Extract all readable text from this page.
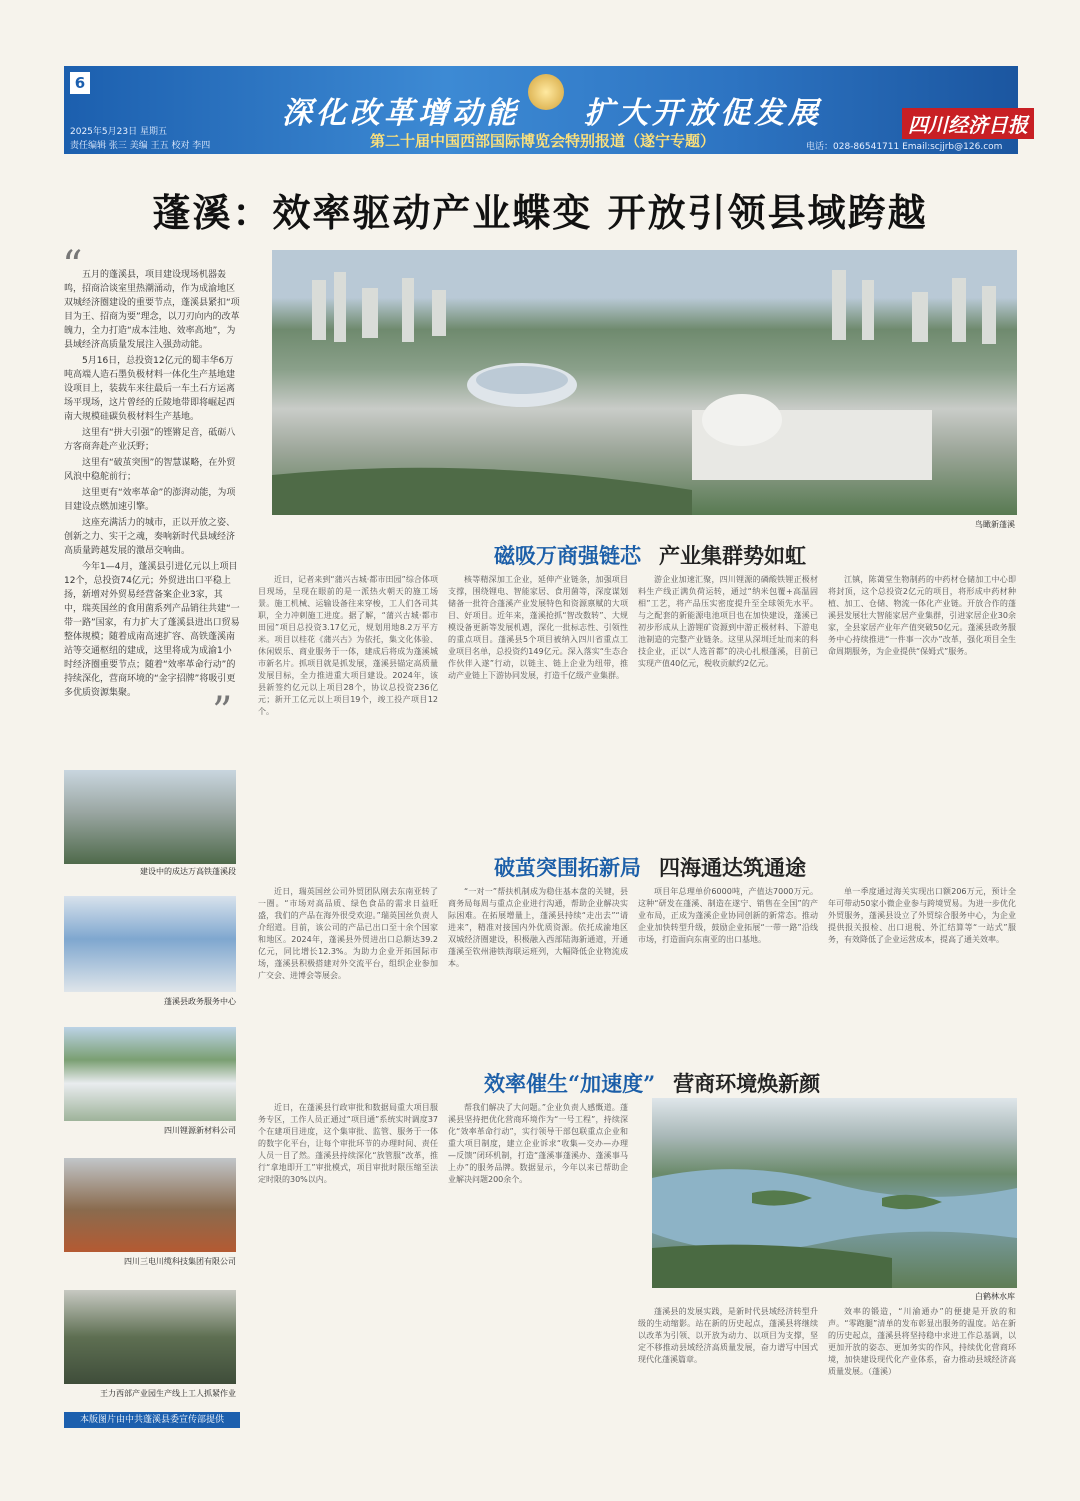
6
深化改革增动能 扩大开放促发展
第二十届中国西部国际博览会特别报道（遂宁专题）
四川经济日报
2025年5月23日 星期五
责任编辑 张三 美编 王五 校对 李四	电话：028-86541711 Email:scjjrb@126.com
蓬溪：效率驱动产业蝶变 开放引领县域跨越
“ 五月的蓬溪县，项目建设现场机器轰鸣，招商洽谈室里热潮涌动，作为成渝地区双城经济圈建设的重要节点，蓬溪县紧扣“项目为王、招商为要”理念，以刀刃向内的改革魄力，全力打造“成本洼地、效率高地”，为县域经济高质量发展注入强劲动能。

5月16日，总投资12亿元的蜀丰华6万吨高端人造石墨负极材料一体化生产基地建设项目上，装载车来往最后一车土石方运离场平现场，这片曾经的丘陵地带即将崛起西南大规模硅碳负极材料生产基地。

这里有“拼大引强”的铿锵足音，砥砺八方客商奔赴产业沃野；

这里有“破茧突围”的智慧谋略，在外贸风浪中稳舵前行；

这里更有“效率革命”的澎湃动能，为项目建设点燃加速引擎。

这座充满活力的城市，正以开放之姿、创新之力、实干之魂，奏响新时代县域经济高质量跨越发展的激昂交响曲。

今年1—4月，蓬溪县引进亿元以上项目12个，总投资74亿元；外贸进出口平稳上扬，新增对外贸易经营备案企业3家，其中，瑞英国丝的食用菌系列产品销往共建“一带一路”国家，有力扩大了蓬溪县进出口贸易整体规模；随着成南高速扩容、高铁蓬溪南站等交通枢纽的建成，这里将成为成渝1小时经济圈重要节点；随着“效率革命行动”的持续深化，营商环境的“金字招牌”将吸引更多优质资源集聚。	”
鸟瞰新蓬溪
建设中的成达万高铁蓬溪段
蓬溪县政务服务中心
四川锂源新材料公司
四川三电川缆科技集团有限公司
王力西部产业园生产线上工人抓紧作业
本版图片由中共蓬溪县委宣传部提供
磁吸万商强链芯 产业集群势如虹

近日，记者来到“蒲兴古城·都市田园”综合体项目现场，呈现在眼前的是一派热火朝天的施工场景。施工机械、运输设备往来穿梭，工人们各司其职，全力冲刺施工进度。据了解，“蒲兴古城·都市田园”项目总投资3.17亿元，规划用地8.2万平方米。项目以桂花《蒲兴古》为依托，集文化体验、休闲娱乐、商业服务于一体，建成后将成为蓬溪城市新名片。抓项目就是抓发展，蓬溪县锚定高质量发展目标，全力推进重大项目建设。2024年，该县新签约亿元以上项目28个，协议总投资236亿元；新开工亿元以上项目19个，竣工投产项目12个。

核等精深加工企业，延伸产业链条，加强项目支撑，围绕锂电、智能家居、食用菌等，深度谋划储备一批符合蓬溪产业发展特色和资源禀赋的大项目、好项目。近年来，蓬溪抢抓“智改数转”、大规模设备更新等发展机遇，深化一批标志性、引领性的重点项目。蓬溪县5个项目被纳入四川省重点工业项目名单，总投资约149亿元。深入落实“生态合作伙伴入遂”行动，以链主、链上企业为纽带，推动产业链上下游协同发展，打造千亿级产业集群。

游企业加速汇聚，四川锂源的磷酸铁锂正极材料生产线正满负荷运转，通过“纳米包覆+高温固相”工艺，将产品压实密度提升至全球领先水平。与之配套的新能源电池项目也在加快建设，蓬溪已初步形成从上游锂矿资源到中游正极材料、下游电池制造的完整产业链条。这里从深圳迁址而来的科技企业，正以“人选首都”的决心扎根蓬溪，目前已实现产值40亿元，税收贡献约2亿元。

江镇，陈蔼堂生物制药的中药材仓储加工中心即将封顶，这个总投资2亿元的项目，将形成中药材种植、加工、仓储、物流一体化产业链。开放合作的蓬溪县发展壮大智能家居产业集群，引进家居企业30余家，全县家居产业年产值突破50亿元。蓬溪县政务服务中心持续推进“一件事一次办”改革，强化项目全生命周期服务，为企业提供“保姆式”服务。

破茧突围拓新局 四海通达筑通途

近日，瑞英国丝公司外贸团队刚去东南亚转了一圈。“市场对高品质、绿色食品的需求日益旺盛，我们的产品在海外很受欢迎。”瑞英国丝负责人介绍道。目前，该公司的产品已出口至十余个国家和地区。2024年，蓬溪县外贸进出口总额达39.2亿元，同比增长12.3%。为助力企业开拓国际市场，蓬溪县积极搭建对外交流平台，组织企业参加广交会、进博会等展会。

“一对一”帮扶机制成为稳住基本盘的关键，县商务局每周与重点企业进行沟通，帮助企业解决实际困难。在拓展增量上，蓬溪县持续“走出去”“请进来”，精准对接国内外优质资源。依托成渝地区双城经济圈建设，积极融入西部陆海新通道，开通蓬溪至钦州港铁海联运班列，大幅降低企业物流成本。

项目年总理单价6000吨，产值达7000万元。这种“研发在蓬溪、制造在遂宁、销售在全国”的产业布局，正成为蓬溪企业协同创新的新常态。推动企业加快转型升级，鼓励企业拓展“一带一路”沿线市场，打造面向东南亚的出口基地。

单一季度通过海关实现出口额206万元，预计全年可带动50家小微企业参与跨境贸易。为进一步优化外贸服务，蓬溪县设立了外贸综合服务中心，为企业提供报关报检、出口退税、外汇结算等“一站式”服务，有效降低了企业运营成本，提高了通关效率。

效率催生“加速度” 营商环境焕新颜

近日，在蓬溪县行政审批和数据局重大项目服务专区，工作人员正通过“项目通”系统实时调度37个在建项目进度，这个集审批、监管、服务于一体的数字化平台，让每个审批环节的办理时间、责任人员一目了然。蓬溪县持续深化“放管服”改革，推行“拿地即开工”审批模式，项目审批时限压缩至法定时限的30%以内。

帮我们解决了大问题。”企业负责人感慨道。蓬溪县坚持把优化营商环境作为“一号工程”，持续深化“效率革命行动”，实行领导干部包联重点企业和重大项目制度，建立企业诉求“收集—交办—办理—反馈”闭环机制，打造“蓬溪事蓬溪办、蓬溪事马上办”的服务品牌。数据显示，今年以来已帮助企业解决问题200余个。

白鹤林水库

蓬溪县的发展实践，是新时代县域经济转型升级的生动缩影。站在新的历史起点，蓬溪县将继续以改革为引领、以开放为动力、以项目为支撑，坚定不移推动县域经济高质量发展，奋力谱写中国式现代化蓬溪篇章。

效率的锻造，“川渝通办”的便捷是开放的和声。“零跑腿”清单的发布彰显出服务的温度。站在新的历史起点，蓬溪县将坚持稳中求进工作总基调，以更加开放的姿态、更加务实的作风，持续优化营商环境，加快建设现代化产业体系，奋力推动县域经济高质量发展。（蓬溪）
